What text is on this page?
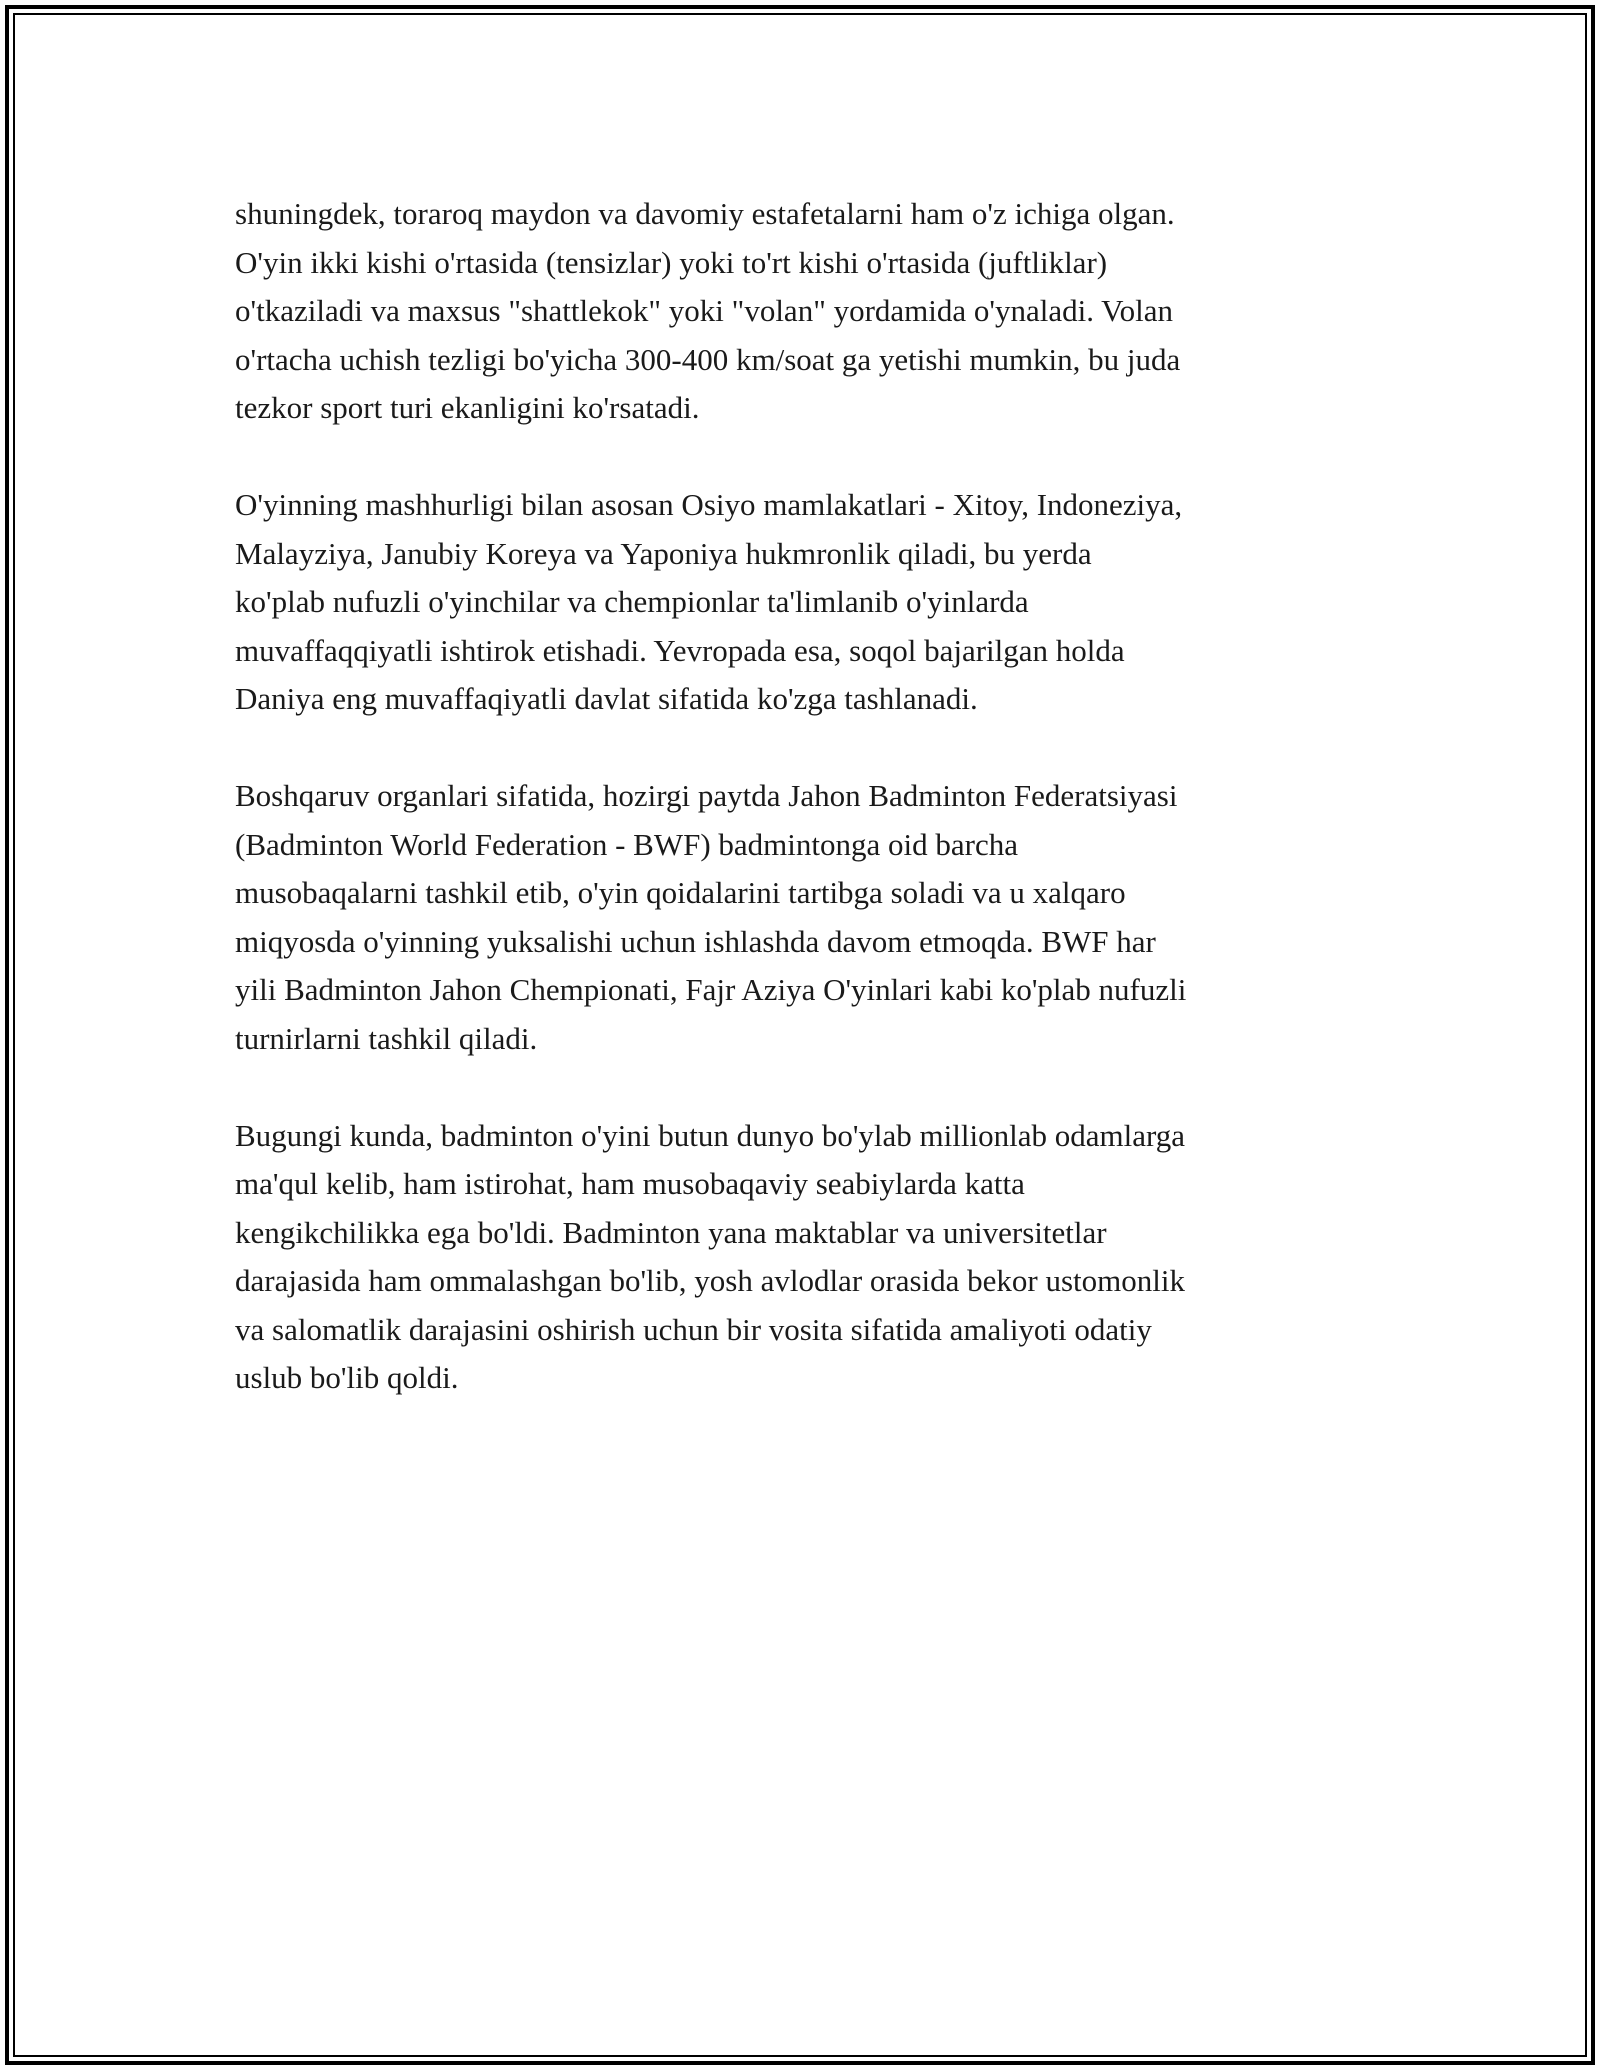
shuningdek, toraroq maydon va davomiy estafetalarni ham o'z ichiga olgan.
O'yin ikki kishi o'rtasida (tensizlar) yoki to'rt kishi o'rtasida (juftliklar)
o'tkaziladi va maxsus "shattlekok" yoki "volan" yordamida o'ynaladi. Volan
o'rtacha uchish tezligi bo'yicha 300-400 km/soat ga yetishi mumkin, bu juda
tezkor sport turi ekanligini ko'rsatadi.

O'yinning mashhurligi bilan asosan Osiyo mamlakatlari - Xitoy, Indoneziya,
Malayziya, Janubiy Koreya va Yaponiya hukmronlik qiladi, bu yerda
ko'plab nufuzli o'yinchilar va chempionlar ta'limlanib o'yinlarda
muvaffaqqiyatli ishtirok etishadi. Yevropada esa, soqol bajarilgan holda
Daniya eng muvaffaqiyatli davlat sifatida ko'zga tashlanadi.

Boshqaruv organlari sifatida, hozirgi paytda Jahon Badminton Federatsiyasi
(Badminton World Federation - BWF) badmintonga oid barcha
musobaqalarni tashkil etib, o'yin qoidalarini tartibga soladi va u xalqaro
miqyosda o'yinning yuksalishi uchun ishlashda davom etmoqda. BWF har
yili Badminton Jahon Chempionati, Fajr Aziya O'yinlari kabi ko'plab nufuzli
turnirlarni tashkil qiladi.

Bugungi kunda, badminton o'yini butun dunyo bo'ylab millionlab odamlarga
ma'qul kelib, ham istirohat, ham musobaqaviy seabiylarda katta
kengikchilikka ega bo'ldi. Badminton yana maktablar va universitetlar
darajasida ham ommalashgan bo'lib, yosh avlodlar orasida bekor ustomonlik
va salomatlik darajasini oshirish uchun bir vosita sifatida amaliyoti odatiy
uslub bo'lib qoldi.
